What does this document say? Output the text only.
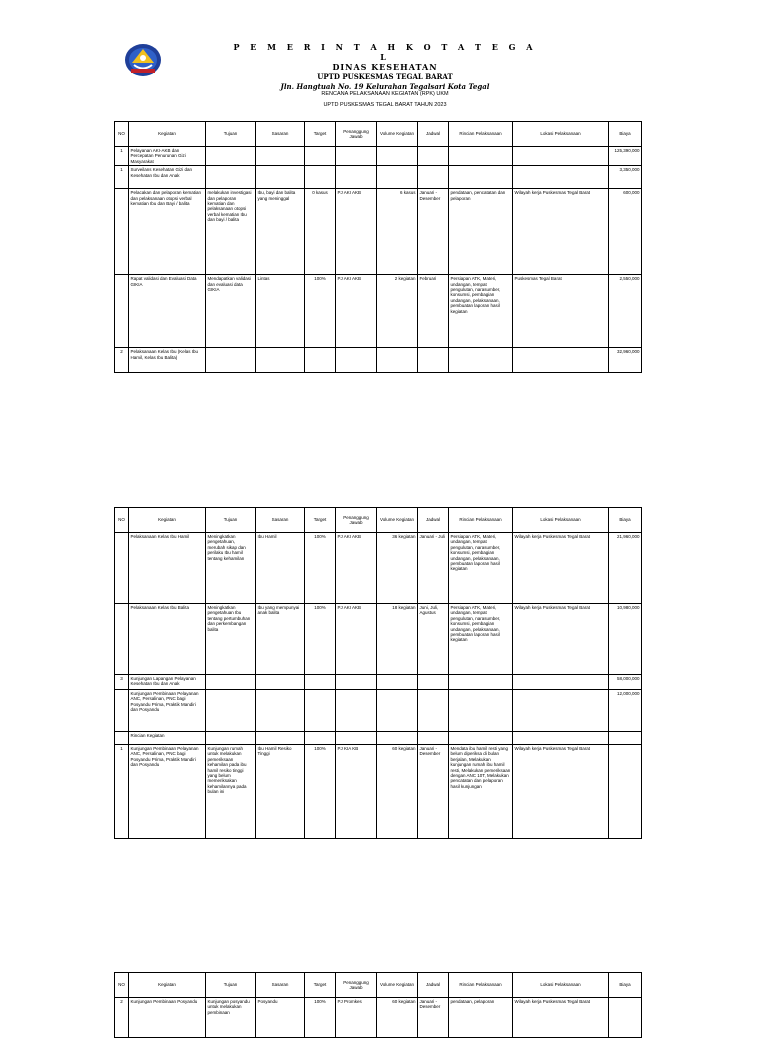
P E M E R I N T A H K O T A T E G A L
DINAS KESEHATAN
UPTD PUSKESMAS TEGAL BARAT
Jln. Hangtuah No. 19 Kelurahan Tegalsari Kota Tegal
RENCANA PELAKSANAAN KEGIATAN (RPK) UKM
UPTD PUSKESMAS TEGAL BARAT TAHUN 2023
NO	Kegiatan	Tujuan	Sasaran	Target	Penanggung Jawab	Volume Kegiatan	Jadwal	Rincian Pelaksanaan	Lokasi Pelaksanaan	Biaya
1	Pelayanan AKI-AKB dan Percepatan Penurunan Gizi Masyarakat									125,390,000
1	Surveilans Kesehatan Gizi dan Kesehatan Ibu dan Anak									3,350,000
	Pelacakan dan pelaporan kematian dan pelaksanaan otopsi verbal kematian Ibu dan Bayi / balita	melakukan investigasi dan pelaporan kematian dan pelaksanaan otopsi verbal kematian Ibu dan bayi / balita	Ibu, bayi dan balita yang meninggal	0 kasus	PJ AKI AKB	6 kasus	Januari - Desember	pendataan, pencatatan dan pelaporan	Wilayah kerja Puskesmas Tegal Barat	600,000
	Rapat validasi dan Evaluasi Data GIKIA	Mendapatkan validasi dan evaluasi data GIKIA	Lintas	100%	PJ AKI AKB	2 kegiatan	Februari	Persiapan ATK, Materi, undangan, tempat pengulutan, narasumber, konsumsi, pembagian undangan, pelaksanaan, pembuatan laporan hasil kegiatan	Puskesmas Tegal Barat	2,550,000
2	Pelaksanaan Kelas Ibu (Kelas Ibu Hamil, Kelas Ibu Balita)									32,960,000
NO	Kegiatan	Tujuan	Sasaran	Target	Penanggung Jawab	Volume Kegiatan	Jadwal	Rincian Pelaksanaan	Lokasi Pelaksanaan	Biaya
	Pelaksanaan Kelas Ibu Hamil	Meningkatkan pengetahuan, merubah sikap dan perilaku Ibu hamil tentang kehamilan	Ibu Hamil	100%	PJ AKI AKB	36 kegiatan	Januari - Juli	Persiapan ATK, Materi, undangan, tempat pengulutan, narasumber, konsumsi, pembagian undangan, pelaksanaan, pembuatan laporan hasil kegiatan	Wilayah kerja Puskesmas Tegal Barat	21,960,000
	Pelaksanaan Kelas Ibu Balita	Meningkatkan pengetahuan Ibu tentang pertumbuhan dan perkembangan balita	Ibu yang mempunyai anak balita	100%	PJ AKI AKB	18 kegiatan	Juni, Juli, Agustus	Persiapan ATK, Materi, undangan, tempat pengulutan, narasumber, konsumsi, pembagian undangan, pelaksanaan, pembuatan laporan hasil kegiatan	Wilayah kerja Puskesmas Tegal Barat	10,980,000
3	Kunjungan Lapangan Pelayanan Kesehatan Ibu dan Anak									58,000,000
	Kunjungan Pembinaan Pelayanan ANC, Persalinan, PNC bagi Posyandu Prima, Praktik Mandiri dan Posyandu									12,000,000
	Rincian Kegiatan									
1	Kunjungan Pembinaan Pelayanan ANC, Persalinan, PNC bagi Posyandu Prima, Praktik Mandiri dan Posyandu	Kunjungan rumah untuk melakukan pemeriksaan kehamilan pada ibu hamil resiko tinggi yang belum memeriksakan kehamilannya pada bulan ini	Ibu Hamil Resiko Tinggi	100%	PJ KIA KB	60 kegiatan	Januari - Desember	Mendata ibu hamil resti yang belum diperiksa di bulan berjalan, Melakukan kunjungan rumah ibu hamil resti, Melakukan pemeriksaan dengan ANC 10T, Melakukan pencatatan dan pelaporan hasil kunjungan	Wilayah kerja Puskesmas Tegal Barat	
NO	Kegiatan	Tujuan	Sasaran	Target	Penanggung Jawab	Volume Kegiatan	Jadwal	Rincian Pelaksanaan	Lokasi Pelaksanaan	Biaya
2	Kunjungan Pembinaan Posyandu	Kunjungan posyandu untuk melakukan pembinaan	Posyandu	100%	PJ Promkes	60 kegiatan	Januari - Desember	pendataan, pelaporan	Wilayah kerja Puskesmas Tegal Barat	
